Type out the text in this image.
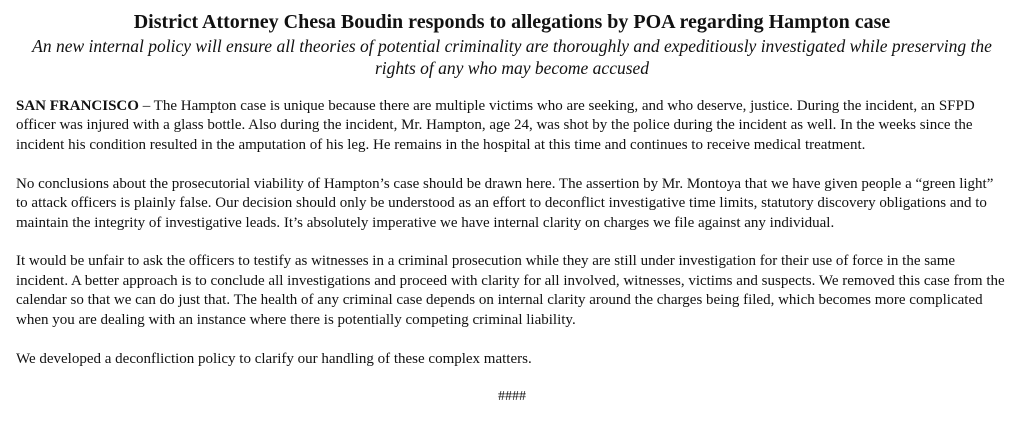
District Attorney Chesa Boudin responds to allegations by POA regarding Hampton case

An new internal policy will ensure all theories of potential criminality are thoroughly and expeditiously investigated while preserving the rights of any who may become accused

SAN FRANCISCO – The Hampton case is unique because there are multiple victims who are seeking, and who deserve, justice. During the incident, an SFPD officer was injured with a glass bottle. Also during the incident, Mr. Hampton, age 24, was shot by the police during the incident as well. In the weeks since the incident his condition resulted in the amputation of his leg. He remains in the hospital at this time and continues to receive medical treatment.

No conclusions about the prosecutorial viability of Hampton’s case should be drawn here. The assertion by Mr. Montoya that we have given people a “green light” to attack officers is plainly false. Our decision should only be understood as an effort to deconflict investigative time limits, statutory discovery obligations and to maintain the integrity of investigative leads. It’s absolutely imperative we have internal clarity on charges we file against any individual.

It would be unfair to ask the officers to testify as witnesses in a criminal prosecution while they are still under investigation for their use of force in the same incident. A better approach is to conclude all investigations and proceed with clarity for all involved, witnesses, victims and suspects. We removed this case from the calendar so that we can do just that. The health of any criminal case depends on internal clarity around the charges being filed, which becomes more complicated when you are dealing with an instance where there is potentially competing criminal liability.

We developed a deconfliction policy to clarify our handling of these complex matters.

####
